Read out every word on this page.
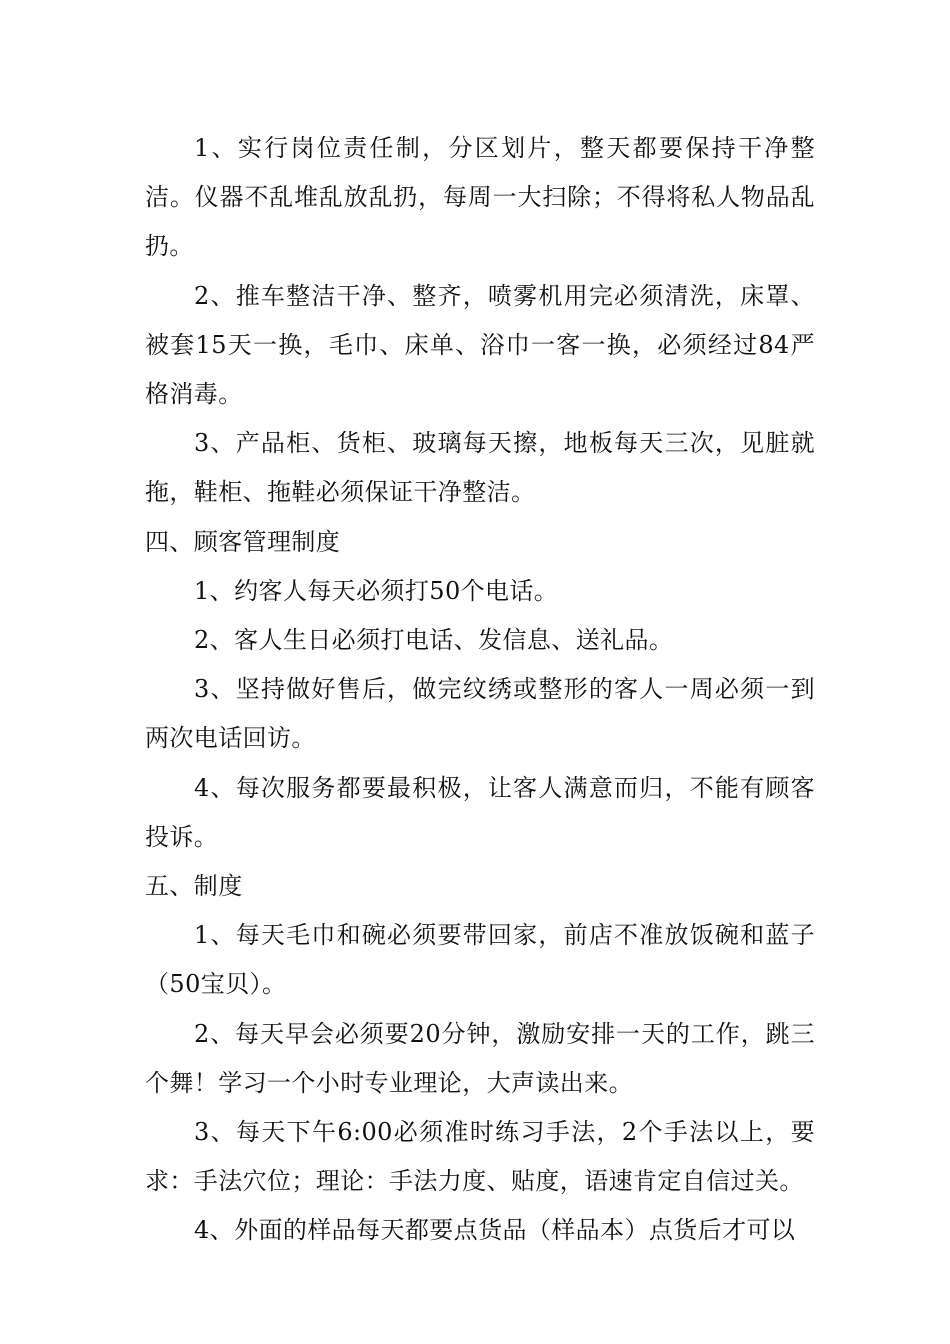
1、实行岗位责任制，分区划片，整天都要保持干净整洁。仪器不乱堆乱放乱扔，每周一大扫除；不得将私人物品乱扔。

2、推车整洁干净、整齐，喷雾机用完必须清洗，床罩、被套15天一换，毛巾、床单、浴巾一客一换，必须经过84严格消毒。

3、产品柜、货柜、玻璃每天擦，地板每天三次，见脏就拖，鞋柜、拖鞋必须保证干净整洁。

四、顾客管理制度

1、约客人每天必须打50个电话。

2、客人生日必须打电话、发信息、送礼品。

3、坚持做好售后，做完纹绣或整形的客人一周必须一到两次电话回访。

4、每次服务都要最积极，让客人满意而归，不能有顾客投诉。

五、制度

1、每天毛巾和碗必须要带回家，前店不准放饭碗和蓝子（50宝贝）。

2、每天早会必须要20分钟，激励安排一天的工作，跳三个舞！学习一个小时专业理论，大声读出来。

3、每天下午6:00必须准时练习手法，2个手法以上，要求：手法穴位；理论：手法力度、贴度，语速肯定自信过关。

4、外面的样品每天都要点货品（样品本）点货后才可以
